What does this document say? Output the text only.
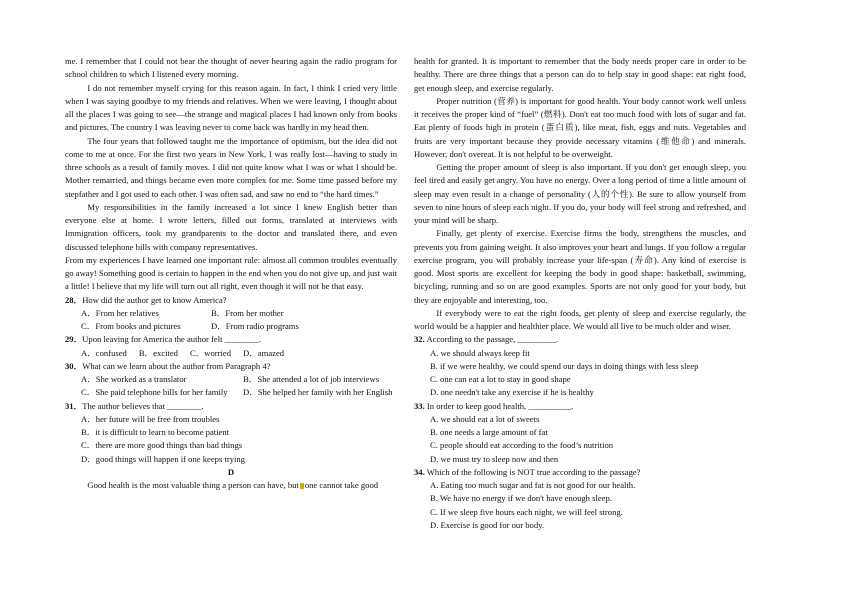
me. I remember that I could not bear the thought of never hearing again the radio program for school children to which I listened every morning.

I do not remember myself crying for this reason again. In fact, I think I cried very little when I was saying goodbye to my friends and relatives. When we were leaving, I thought about all the places I was going to see—the strange and magical places I had known only from books and pictures. The country I was leaving never to come back was hardly in my head then.

The four years that followed taught me the importance of optimism, but the idea did not come to me at once. For the first two years in New York, I was really lost—having to study in three schools as a result of family moves. I did not quite know what I was or what I should be. Mother remarried, and things became even more complex for me. Some time passed before my stepfather and I got used to each other. I was often sad, and saw no end to “the hard times.”

My responsibilities in the family increased a lot since I knew English better than everyone else at home. I wrote letters, filled out forms, translated at interviews with Immigration officers, took my grandparents to the doctor and translated there, and even discussed telephone bills with company representatives.

From my experiences I have learned one important rule: almost all common troubles eventually go away! Something good is certain to happen in the end when you do not give up, and just wait a little! I believe that my life will turn out all right, even though it will not be that easy.

28．How did the author get to know America?
A．From her relatives	B．From her mother
C．From books and pictures	D．From radio programs
29．Upon leaving for America the author felt ________.
A．confused B．excited C．worried D．amazed
30．What can we learn about the author from Paragraph 4?
A．She worked as a translator	B．She attended a lot of job interviews
C．She paid telephone bills for her family	D．She helped her family with her English
31．The author believes that ________.
A．her future will be free from troubles
B．it is difficult to learn to become patient
C．there are more good things than bad things
D．good things will happen if one keeps trying

D

Good health is the most valuable thing a person can have, but one cannot take good

health for granted. It is important to remember that the body needs proper care in order to be healthy. There are three things that a person can do to help stay in good shape: eat right food, get enough sleep, and exercise regularly.

Proper nutrition (营养) is important for good health. Your body cannot work well unless it receives the proper kind of “fuel” (燃料). Don't eat too much food with lots of sugar and fat. Eat plenty of foods high in protein (蛋白质), like meat, fish, eggs and nuts. Vegetables and fruits are very important because they provide necessary vitamins (维他命) and minerals. However, don't overeat. It is not helpful to be overweight.

Getting the proper amount of sleep is also important. If you don't get enough sleep, you feel tired and easily get angry. You have no energy. Over a long period of time a little amount of sleep may even result in a change of personality (人的个性). Be sure to allow yourself from seven to nine hours of sleep each night. If you do, your body will feel strong and refreshed, and your mind will be sharp.

Finally, get plenty of exercise. Exercise firms the body, strengthens the muscles, and prevents you from gaining weight. It also improves your heart and lungs. If you follow a regular exercise program, you will probably increase your life-span (寿命). Any kind of exercise is good. Most sports are excellent for keeping the body in good shape: basketball, swimming, bicycling, running and so on are good examples. Sports are not only good for your body, but they are enjoyable and interesting, too.

If everybody were to eat the right foods, get plenty of sleep and exercise regularly, the world would be a happier and healthier place. We would all live to be much older and wiser.

32. According to the passage, _________.
A. we should always keep fit
B. if we were healthy, we could spend our days in doing things with less sleep
C. one can eat a lot to stay in good shape
D. one needn't take any exercise if he is healthy
33. In order to keep good health, __________.
A. we should eat a lot of sweets
B. one needs a large amount of fat
C. people should eat according to the food’s nutrition
D. we must try to sleep now and then
34. Which of the following is NOT true according to the passage?
A. Eating too much sugar and fat is not good for our health.
B. We have no energy if we don't have enough sleep.
C. If we sleep five hours each night, we will feel strong.
D. Exercise is good for our body.
